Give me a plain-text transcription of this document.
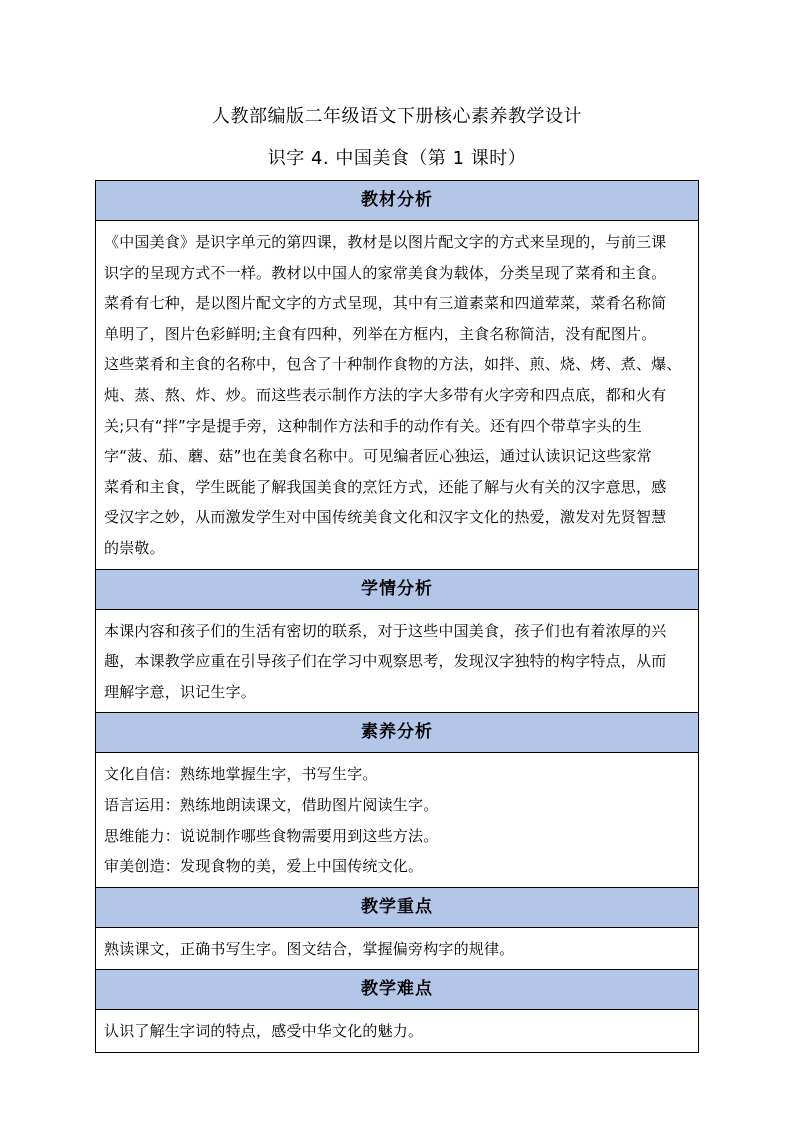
人教部编版二年级语文下册核心素养教学设计
识字 4. 中国美食（第 1 课时）
教材分析
《中国美食》是识字单元的第四课，教材是以图片配文字的方式来呈现的，与前三课
识字的呈现方式不一样。教材以中国人的家常美食为载体，分类呈现了菜肴和主食。
菜肴有七种，是以图片配文字的方式呈现，其中有三道素菜和四道荤菜，菜肴名称简
单明了，图片色彩鲜明;主食有四种，列举在方框内，主食名称简洁，没有配图片。
这些菜肴和主食的名称中，包含了十种制作食物的方法，如拌、煎、烧、烤、煮、爆、
炖、蒸、熬、炸、炒。而这些表示制作方法的字大多带有火字旁和四点底，都和火有
关;只有“拌”字是提手旁，这种制作方法和手的动作有关。还有四个带草字头的生
字“菠、茄、蘑、菇”也在美食名称中。可见编者匠心独运，通过认读识记这些家常
菜肴和主食，学生既能了解我国美食的烹饪方式，还能了解与火有关的汉字意思，感
受汉字之妙，从而激发学生对中国传统美食文化和汉字文化的热爱，激发对先贤智慧
的崇敬。
学情分析
本课内容和孩子们的生活有密切的联系，对于这些中国美食，孩子们也有着浓厚的兴
趣，本课教学应重在引导孩子们在学习中观察思考，发现汉字独特的构字特点，从而
理解字意，识记生字。
素养分析
文化自信：熟练地掌握生字，书写生字。
语言运用：熟练地朗读课文，借助图片阅读生字。
思维能力：说说制作哪些食物需要用到这些方法。
审美创造：发现食物的美，爱上中国传统文化。
教学重点
熟读课文，正确书写生字。图文结合，掌握偏旁构字的规律。
教学难点
认识了解生字词的特点，感受中华文化的魅力。
